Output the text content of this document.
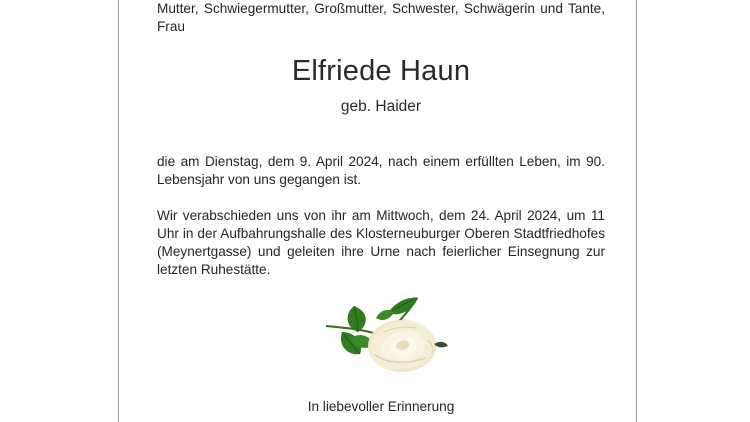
Mutter, Schwiegermutter, Großmutter, Schwester, Schwägerin und Tante, Frau
Elfriede Haun
geb. Haider
die am Dienstag, dem 9. April 2024, nach einem erfüllten Leben, im 90. Lebensjahr von uns gegangen ist.
Wir verabschieden uns von ihr am Mittwoch, dem 24. April 2024, um 11 Uhr in der Aufbahrungshalle des Klosterneuburger Oberen Stadtfriedhofes (Meynertgasse) und geleiten ihre Urne nach feierlicher Einsegnung zur letzten Ruhestätte.
In liebevoller Erinnerung
